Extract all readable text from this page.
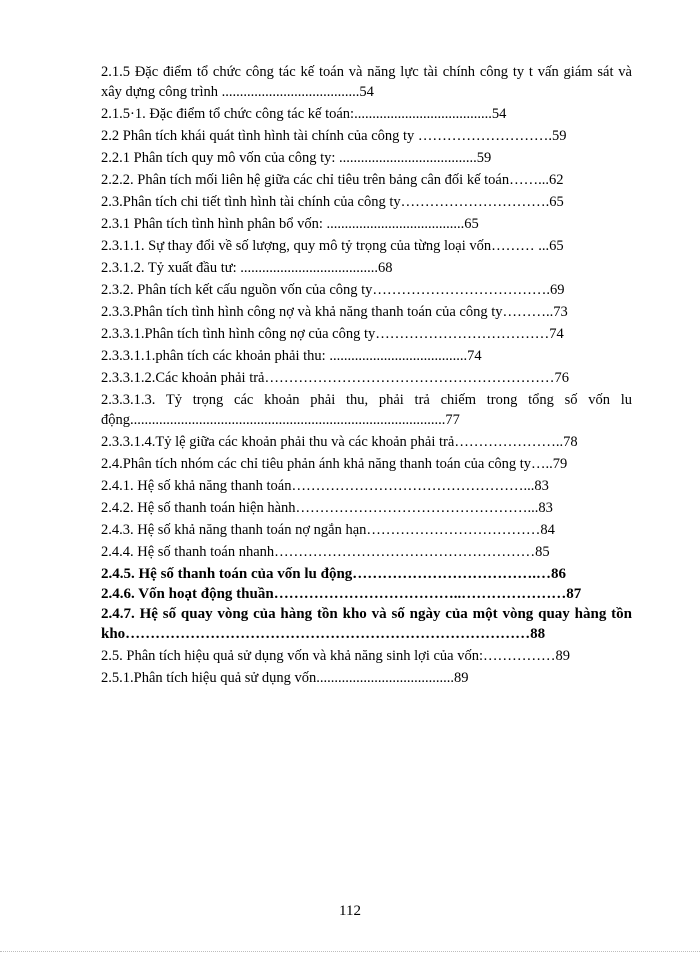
2.1.5 Đặc điểm tổ chức công tác kế toán và năng lực tài chính công ty t vấn giám sát và xây dựng công trình ......................................54
2.1.5·1. Đặc điểm tổ chức công tác kế toán:......................................54
2.2 Phân tích khái quát tình hình tài chính của công ty ……………………….59
2.2.1 Phân tích quy mô vốn của công ty: ......................................59
2.2.2. Phân tích mối liên hệ giữa các chỉ tiêu trên bảng cân đối kế toán……...62
2.3.Phân tích chi tiết tình hình tài chính của công ty………………………….65
2.3.1 Phân tích tình hình phân bổ vốn: ......................................65
2.3.1.1. Sự thay đổi về số lượng, quy mô tỷ trọng của từng loại vốn……… ...65
2.3.1.2. Tỷ xuất đầu tư: ......................................68
2.3.2. Phân tích kết cấu nguồn vốn của công ty……………………………….69
2.3.3.Phân tích tình hình công nợ và khả năng thanh toán của công ty………..73
2.3.3.1.Phân tích tình hình công nợ của công ty………………………………74
2.3.3.1.1.phân tích các khoản phải thu: ......................................74
2.3.3.1.2.Các khoản phải trả……………………………………………………76
2.3.3.1.3. Tỷ trọng các khoản phải thu, phải trả chiếm trong tổng số vốn lu động.......................................................................................77
2.3.3.1.4.Tỷ lệ giữa các khoản phải thu và các khoản phải trả…………………..78
2.4.Phân tích nhóm các chỉ tiêu phản ánh khả năng thanh toán của công ty…..79
2.4.1. Hệ số khả năng thanh toán…………………………………………...83
2.4.2. Hệ số thanh toán hiện hành…………………………………………...83
2.4.3. Hệ số khả năng thanh toán nợ ngắn hạn………………………………84
2.4.4. Hệ số thanh toán nhanh………………………………………………85
2.4.5. Hệ số thanh toán của vốn lu động……………………………….…86
2.4.6. Vốn hoạt động thuần………………………………..…………………87
2.4.7. Hệ số quay vòng của hàng tồn kho và số ngày của một vòng quay hàng tồn kho………………………………………………………………………88
2.5. Phân tích hiệu quả sử dụng vốn và khả năng sinh lợi của vốn:……………89
2.5.1.Phân tích hiệu quả sử dụng vốn......................................89
112
